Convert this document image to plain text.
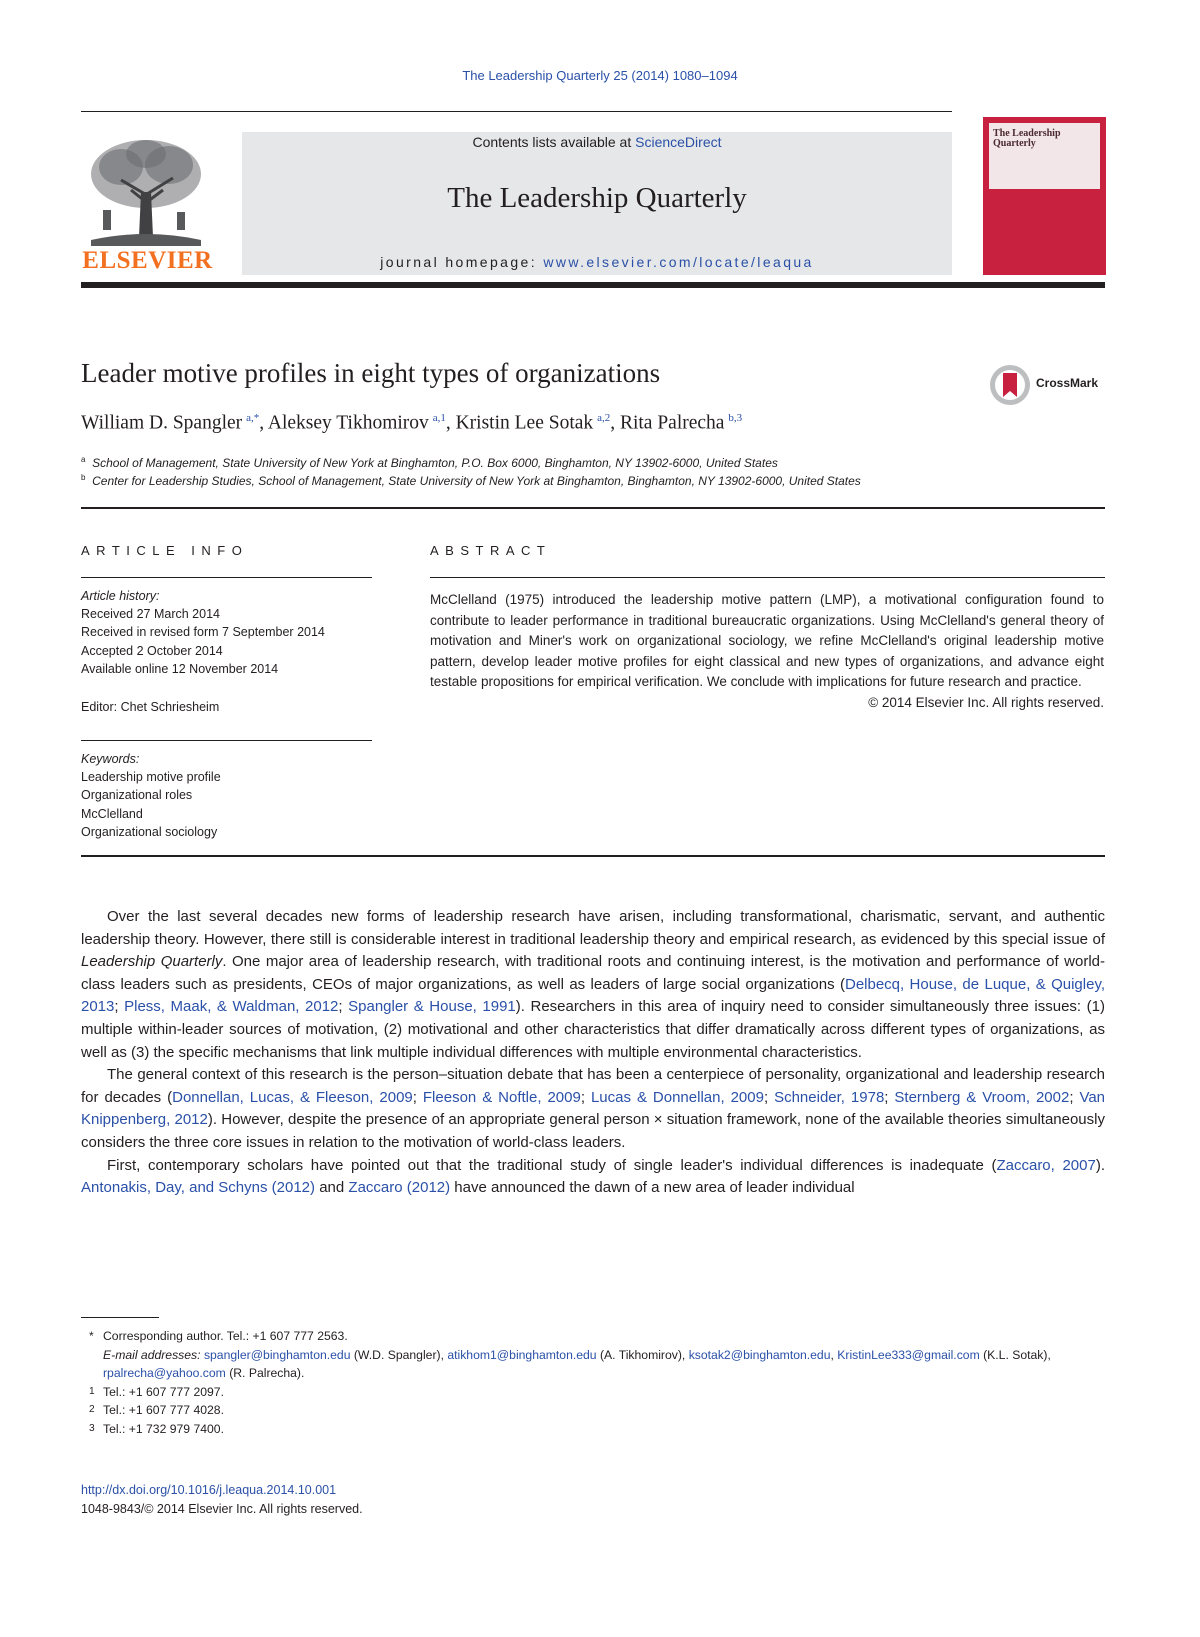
The Leadership Quarterly 25 (2014) 1080–1094
ELSEVIER
Contents lists available at ScienceDirect
The Leadership Quarterly
journal homepage: www.elsevier.com/locate/leaqua
The Leadership Quarterly
Leader motive profiles in eight types of organizations	CrossMark
William D. Spangler  $^{a,*}$, Aleksey Tikhomirov  $^{a,1}$, Kristin Lee Sotak  $^{a,2}$, Rita Palrecha  $^{b,3}$
$^a$ School of Management, State University of New York at Binghamton, P.O. Box 6000, Binghamton, NY 13902-6000, United States
$^b$ Center for Leadership Studies, School of Management, State University of New York at Binghamton, Binghamton, NY 13902-6000, United States
ARTICLE INFO
Article history:
Received 27 March 2014
Received in revised form 7 September 2014
Accepted 2 October 2014
Available online 12 November 2014
Editor: Chet Schriesheim
Keywords:
Leadership motive profile
Organizational roles
McClelland
Organizational sociology
ABSTRACT
McClelland (1975) introduced the leadership motive pattern (LMP), a motivational configuration found to contribute to leader performance in traditional bureaucratic organizations. Using McClelland's general theory of motivation and Miner's work on organizational sociology, we refine McClelland's original leadership motive pattern, develop leader motive profiles for eight classical and new types of organizations, and advance eight testable propositions for empirical verification. We conclude with implications for future research and practice.
© 2014 Elsevier Inc. All rights reserved.

Over the last several decades new forms of leadership research have arisen, including transformational, charismatic, servant, and authentic leadership theory. However, there still is considerable interest in traditional leadership theory and empirical research, as evidenced by this special issue of Leadership Quarterly. One major area of leadership research, with traditional roots and continuing interest, is the motivation and performance of world-class leaders such as presidents, CEOs of major organizations, as well as leaders of large social organizations (Delbecq, House, de Luque, & Quigley, 2013; Pless, Maak, & Waldman, 2012; Spangler & House, 1991). Researchers in this area of inquiry need to consider simultaneously three issues: (1) multiple within-leader sources of motivation, (2) motivational and other characteristics that differ dramatically across different types of organizations, as well as (3) the specific mechanisms that link multiple individual differences with multiple environmental characteristics.

The general context of this research is the person–situation debate that has been a centerpiece of personality, organizational and leadership research for decades (Donnellan, Lucas, & Fleeson, 2009; Fleeson & Noftle, 2009; Lucas & Donnellan, 2009; Schneider, 1978; Sternberg & Vroom, 2002; Van Knippenberg, 2012). However, despite the presence of an appropriate general person × situation framework, none of the available theories simultaneously considers the three core issues in relation to the motivation of world-class leaders.

First, contemporary scholars have pointed out that the traditional study of single leader's individual differences is inadequate (Zaccaro, 2007). Antonakis, Day, and Schyns (2012) and Zaccaro (2012) have announced the dawn of a new area of leader individual

* Corresponding author. Tel.: +1 607 777 2563.
E-mail addresses: spangler@binghamton.edu (W.D. Spangler), atikhom1@binghamton.edu (A. Tikhomirov), ksotak2@binghamton.edu, KristinLee333@gmail.com (K.L. Sotak), rpalrecha@yahoo.com (R. Palrecha).
1 Tel.: +1 607 777 2097.
2 Tel.: +1 607 777 4028.
3 Tel.: +1 732 979 7400.
http://dx.doi.org/10.1016/j.leaqua.2014.10.001
1048-9843/© 2014 Elsevier Inc. All rights reserved.
